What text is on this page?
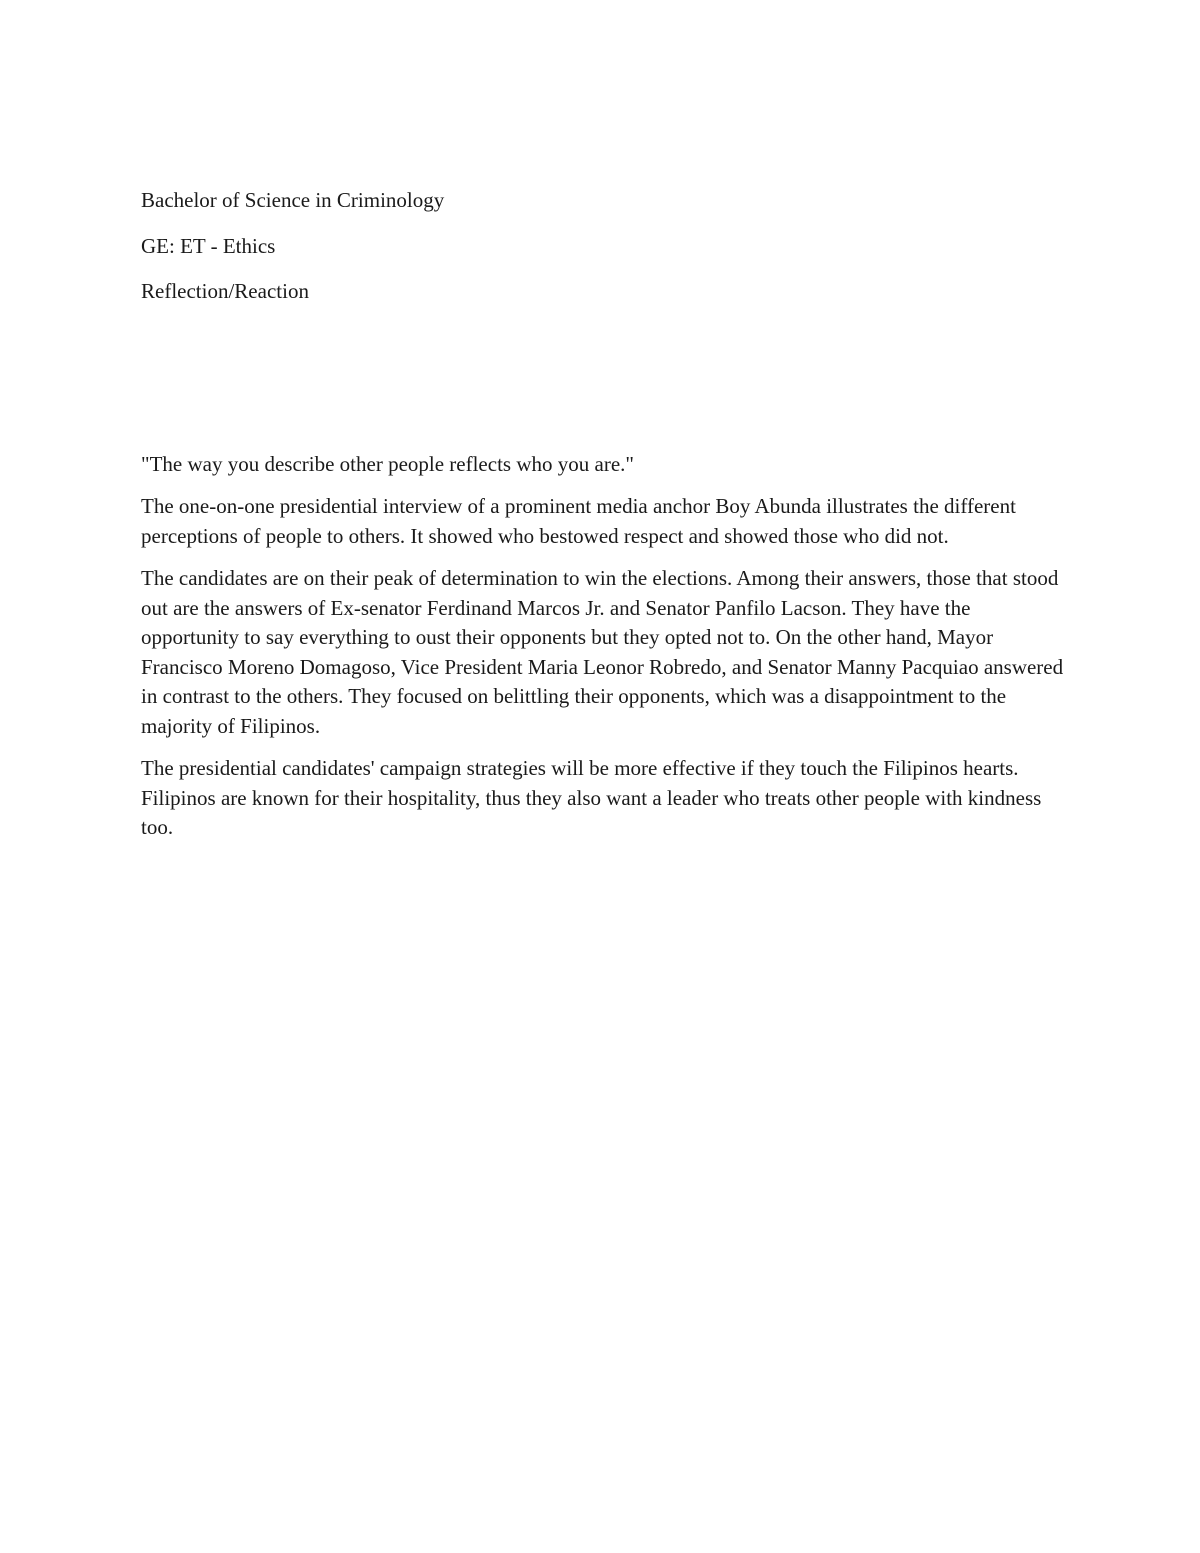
Bachelor of Science in Criminology

GE: ET - Ethics

Reflection/Reaction

"The way you describe other people reflects who you are."

The one-on-one presidential interview of a prominent media anchor Boy Abunda illustrates the different perceptions of people to others. It showed who bestowed respect and showed those who did not.

The candidates are on their peak of determination to win the elections. Among their answers, those that stood out are the answers of Ex-senator Ferdinand Marcos Jr. and Senator Panfilo Lacson. They have the opportunity to say everything to oust their opponents but they opted not to. On the other hand, Mayor Francisco Moreno Domagoso, Vice President Maria Leonor Robredo, and Senator Manny Pacquiao answered in contrast to the others. They focused on belittling their opponents, which was a disappointment to the majority of Filipinos.

The presidential candidates' campaign strategies will be more effective if they touch the Filipinos hearts. Filipinos are known for their hospitality, thus they also want a leader who treats other people with kindness too.
